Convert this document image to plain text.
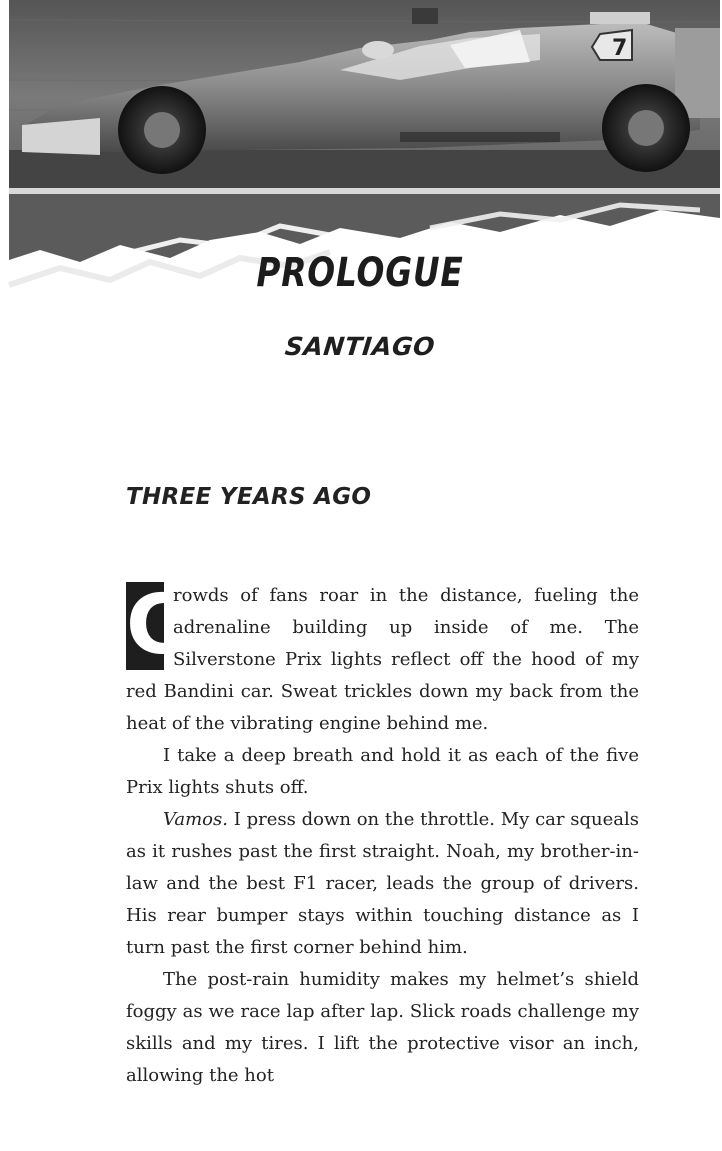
7
PROLOGUE
SANTIAGO
THREE YEARS AGO

C
rowds of fans roar in the distance, fueling the adrenaline building up inside of me. The Silverstone Prix lights reflect off the hood of my red Bandini car. Sweat trickles down my back from the heat of the vibrating engine behind me.

I take a deep breath and hold it as each of the five Prix lights shuts off.

Vamos. I press down on the throttle. My car squeals as it rushes past the first straight. Noah, my brother-in-law and the best F1 racer, leads the group of drivers. His rear bumper stays within touching distance as I turn past the first corner behind him.

The post-rain humidity makes my helmet’s shield foggy as we race lap after lap. Slick roads challenge my skills and my tires. I lift the protective visor an inch, allowing the hot
